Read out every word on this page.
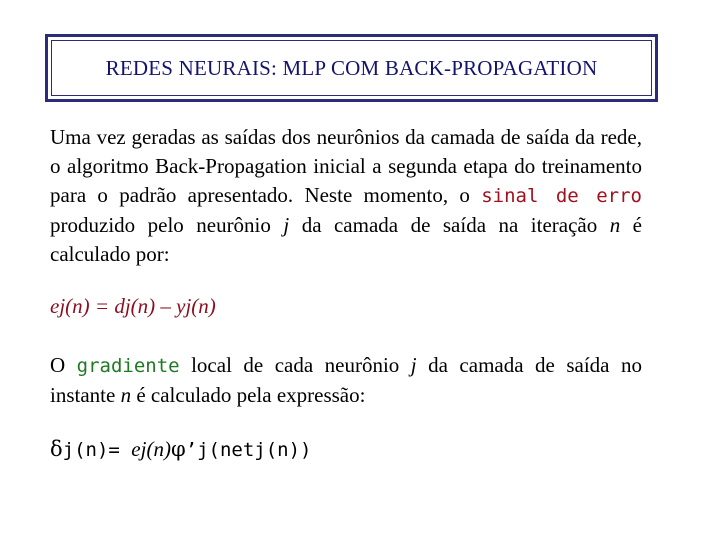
REDES NEURAIS: MLP COM BACK-PROPAGATION
Uma vez geradas as saídas dos neurônios da camada de saída da rede, o algoritmo Back-Propagation inicial a segunda etapa do treinamento para o padrão apresentado. Neste momento, o sinal de erro produzido pelo neurônio j da camada de saída na iteração n é calculado por:
ej(n) = dj(n) – yj(n)
O gradiente local de cada neurônio j da camada de saída no instante n é calculado pela expressão:
δj(n)= ej(n)φ’j(netj(n))
